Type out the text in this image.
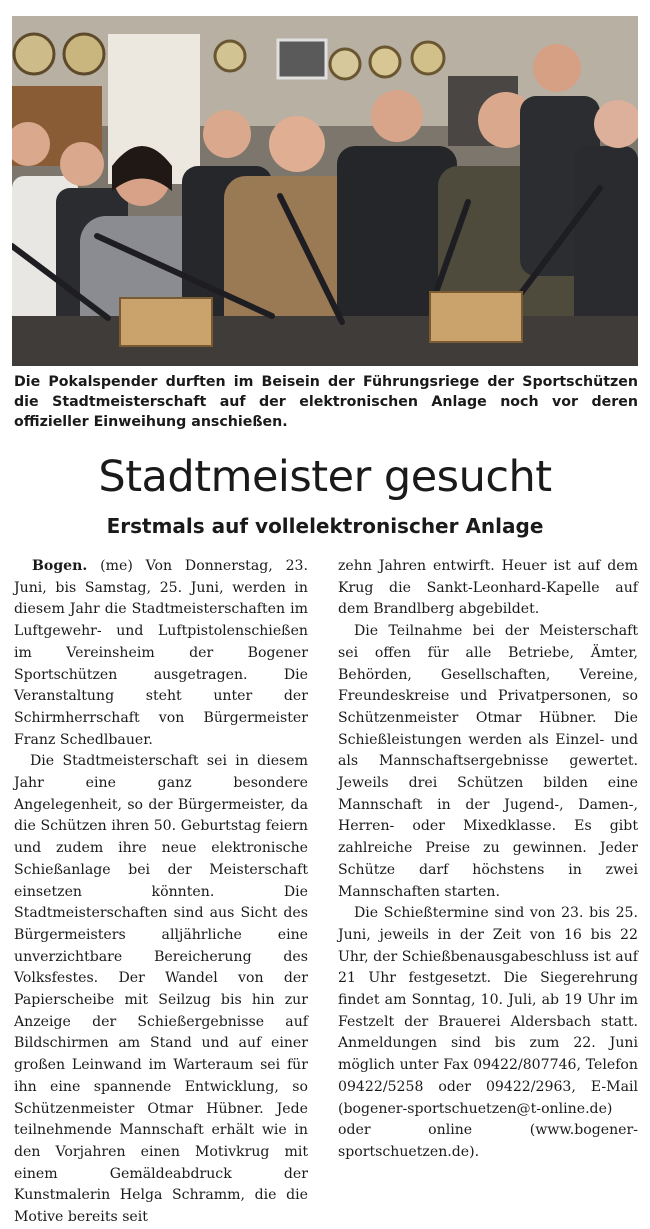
Die Pokalspender durften im Beisein der Führungsriege der Sportschützen die Stadtmeisterschaft auf der elektronischen Anlage noch vor deren offizieller Einweihung anschießen.

Stadtmeister gesucht
Erstmals auf vollelektronischer Anlage

Bogen. (me) Von Donnerstag, 23. Juni, bis Samstag, 25. Juni, werden in diesem Jahr die Stadtmeisterschaften im Luftgewehr- und Luftpistolenschießen im Vereinsheim der Bogener Sportschützen ausgetragen. Die Veranstaltung steht unter der Schirmherrschaft von Bürgermeister Franz Schedlbauer.

Die Stadtmeisterschaft sei in diesem Jahr eine ganz besondere Angelegenheit, so der Bürgermeister, da die Schützen ihren 50. Geburtstag feiern und zudem ihre neue elektronische Schießanlage bei der Meisterschaft einsetzen könnten. Die Stadtmeisterschaften sind aus Sicht des Bürgermeisters alljährliche eine unverzichtbare Bereicherung des Volksfestes. Der Wandel von der Papierscheibe mit Seilzug bis hin zur Anzeige der Schießergebnisse auf Bildschirmen am Stand und auf einer großen Leinwand im Warteraum sei für ihn eine spannende Entwicklung, so Schützenmeister Otmar Hübner. Jede teilnehmende Mannschaft erhält wie in den Vorjahren einen Motivkrug mit einem Gemäldeabdruck der Kunstmalerin Helga Schramm, die die Motive bereits seit

zehn Jahren entwirft. Heuer ist auf dem Krug die Sankt-Leonhard-Kapelle auf dem Brandlberg abgebildet.

Die Teilnahme bei der Meisterschaft sei offen für alle Betriebe, Ämter, Behörden, Gesellschaften, Vereine, Freundeskreise und Privatpersonen, so Schützenmeister Otmar Hübner. Die Schießleistungen werden als Einzel- und als Mannschaftsergebnisse gewertet. Jeweils drei Schützen bilden eine Mannschaft in der Jugend-, Damen-, Herren- oder Mixedklasse. Es gibt zahlreiche Preise zu gewinnen. Jeder Schütze darf höchstens in zwei Mannschaften starten.

Die Schießtermine sind von 23. bis 25. Juni, jeweils in der Zeit von 16 bis 22 Uhr, der Schießbenausgabeschluss ist auf 21 Uhr festgesetzt. Die Siegerehrung findet am Sonntag, 10. Juli, ab 19 Uhr im Festzelt der Brauerei Aldersbach statt. Anmeldungen sind bis zum 22. Juni möglich unter Fax 09422/807746, Telefon 09422/5258 oder 09422/2963, E-Mail (bogener-sportschuetzen@t-online.de) oder online (www.bogener-sportschuetzen.de).
